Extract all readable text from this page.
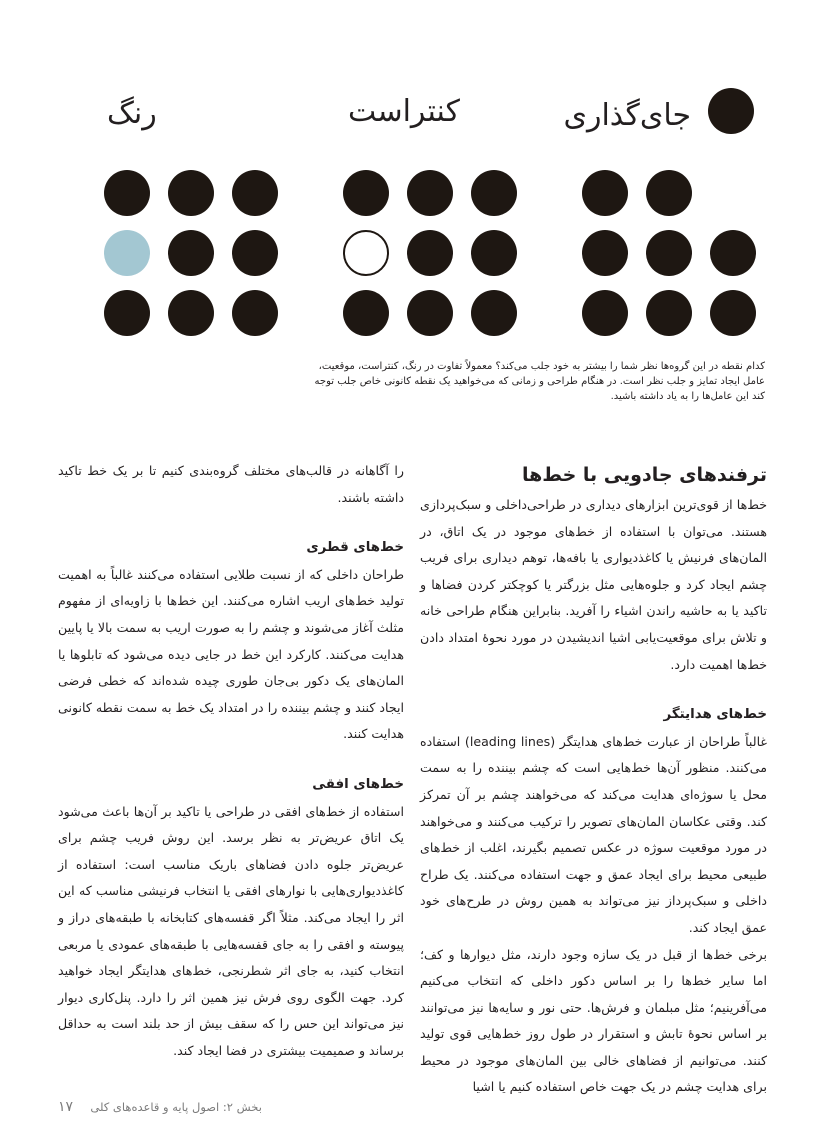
جای‌گذاری
کنتراست
رنگ
کدام نقطه در این گروه‌ها نظر شما را بیشتر به خود جلب می‌کند؟ معمولاً تفاوت در رنگ، کنتراست، موقعیت، عامل ایجاد تمایز و جلب نظر است. در هنگام طراحی و زمانی که می‌خواهید یک نقطه کانونی خاص جلب توجه کند این عامل‌ها را به یاد داشته باشید.
ترفندهای جادویی با خط‌ها

خط‌ها از قوی‌ترین ابزارهای دیداری در طراحی‌داخلی و سبک‌پردازی هستند. می‌توان با استفاده از خط‌های موجود در یک اتاق، در المان‌های فرنیش یا کاغذدیواری یا بافه‌ها، توهم دیداری برای فریب چشم ایجاد کرد و جلوه‌هایی مثل بزرگتر یا کوچکتر کردن فضاها و تاکید یا به حاشیه راندن اشیاء را آفرید. بنابراین هنگام طراحی خانه و تلاش برای موقعیت‌یابی اشیا اندیشیدن در مورد نحوهٔ امتداد دادن خط‌ها اهمیت دارد.

خط‌های هدایتگر

غالباً طراحان از عبارت خط‌های هدایتگر (leading lines) استفاده می‌کنند. منظور آن‌ها خط‌هایی است که چشم بیننده را به سمت محل یا سوژه‌ای هدایت می‌کند که می‌خواهند چشم بر آن تمرکز کند. وقتی عکاسان المان‌های تصویر را ترکیب می‌کنند و می‌خواهند در مورد موقعیت سوژه در عکس تصمیم بگیرند، اغلب از خط‌های طبیعی محیط برای ایجاد عمق و جهت استفاده می‌کنند. یک طراح داخلی و سبک‌پرداز نیز می‌تواند به همین روش در طرح‌های خود عمق ایجاد کند.

برخی خط‌ها از قبل در یک سازه وجود دارند، مثل دیوارها و کف؛ اما سایر خط‌ها را بر اساس دکور داخلی که انتخاب می‌کنیم می‌آفرینیم؛ مثل مبلمان و فرش‌ها. حتی نور و سایه‌ها نیز می‌توانند بر اساس نحوهٔ تابش و استقرار در طول روز خط‌هایی قوی تولید کنند. می‌توانیم از فضاهای خالی بین المان‌های موجود در محیط برای هدایت چشم در یک جهت خاص استفاده کنیم یا اشیا

را آگاهانه در قالب‌های مختلف گروه‌بندی کنیم تا بر یک خط تاکید داشته باشند.

خط‌های قطری

طراحان داخلی که از نسبت طلایی استفاده می‌کنند غالباً به اهمیت تولید خط‌های اریب اشاره می‌کنند. این خط‌ها با زاویه‌ای از مفهوم مثلث آغاز می‌شوند و چشم را به صورت اریب به سمت بالا یا پایین هدایت می‌کنند. کارکرد این خط در جایی دیده می‌شود که تابلوها یا المان‌های یک دکور بی‌جان طوری چیده شده‌اند که خطی فرضی ایجاد کنند و چشم بیننده را در امتداد یک خط به سمت نقطه کانونی هدایت کنند.

خط‌های افقی

استفاده از خط‌های افقی در طراحی یا تاکید بر آن‌ها باعث می‌شود یک اتاق عریض‌تر به نظر برسد. این روش فریب چشم برای عریض‌تر جلوه دادن فضاهای باریک مناسب است: استفاده از کاغذدیواری‌هایی با نوارهای افقی یا انتخاب فرنیشی مناسب که این اثر را ایجاد می‌کند. مثلاً اگر قفسه‌های کتابخانه با طبقه‌های دراز و پیوسته و افقی را به جای قفسه‌هایی با طبقه‌های عمودی یا مربعی انتخاب کنید، به جای اثر شطرنجی، خط‌های هدایتگر ایجاد خواهید کرد. جهت الگوی روی فرش نیز همین اثر را دارد. پنل‌کاری دیوار نیز می‌تواند این حس را که سقف بیش از حد بلند است به حداقل برساند و صمیمیت بیشتری در فضا ایجاد کند.

بخش ۲: اصول پایه و قاعده‌های کلی  ۱۷
